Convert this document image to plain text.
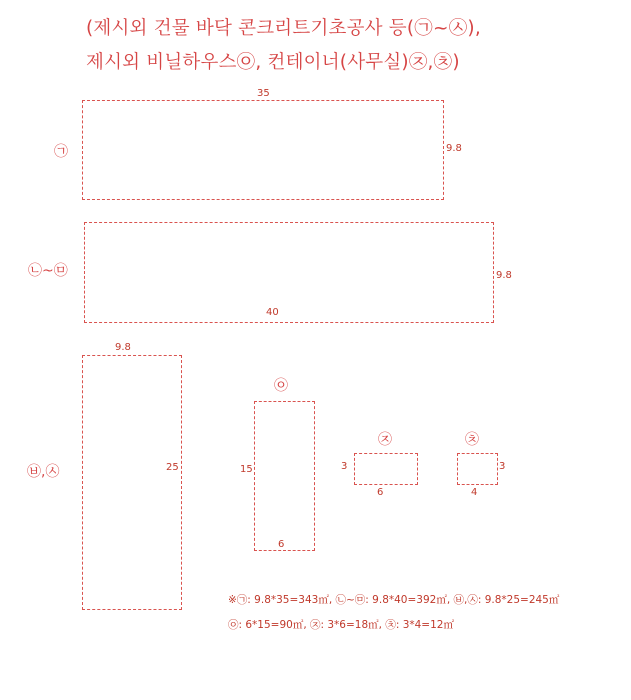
(제시외 건물 바닥 콘크리트기초공사 등(㉠~㉦),
제시외 비닐하우스㉧, 컨테이너(사무실)㉨,㉩)
㉠
35
9.8
㉡~㉤
40
9.8
㉥,㉦
9.8
25
㉧
15
6
㉨
3
6
㉩
3
4
※㉠: 9.8*35=343㎡, ㉡~㉤: 9.8*40=392㎡, ㉥,㉦: 9.8*25=245㎡
㉧: 6*15=90㎡, ㉨: 3*6=18㎡, ㉩: 3*4=12㎡
